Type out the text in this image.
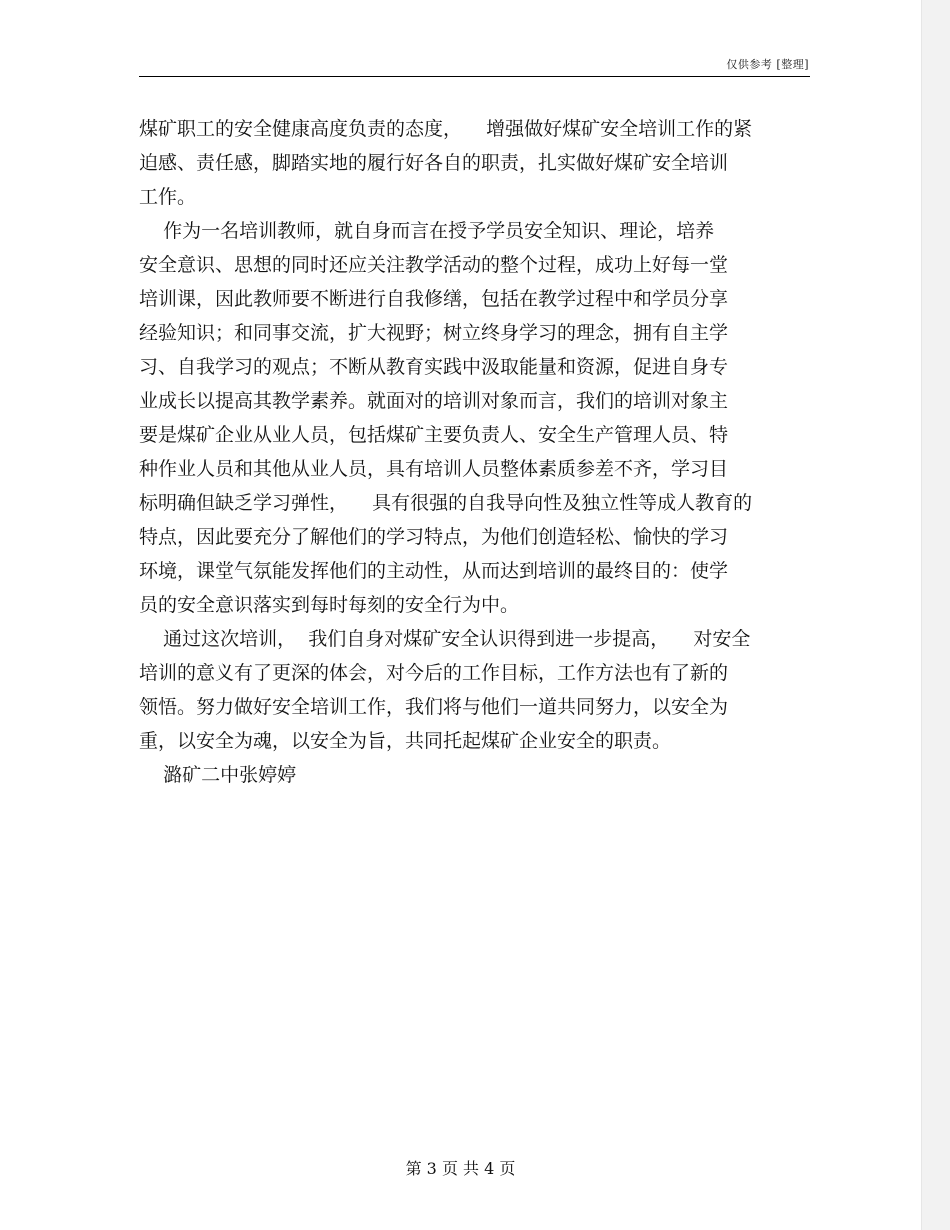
仅供参考 [整理]
煤矿职工的安全健康高度负责的态度，    增强做好煤矿安全培训工作的紧
迫感、责任感，脚踏实地的履行好各自的职责，扎实做好煤矿安全培训
工作。
作为一名培训教师，就自身而言在授予学员安全知识、理论，培养
安全意识、思想的同时还应关注教学活动的整个过程，成功上好每一堂
培训课，因此教师要不断进行自我修缮，包括在教学过程中和学员分享
经验知识；和同事交流，扩大视野；树立终身学习的理念，拥有自主学
习、自我学习的观点；不断从教育实践中汲取能量和资源，促进自身专
业成长以提高其教学素养。就面对的培训对象而言，我们的培训对象主
要是煤矿企业从业人员，包括煤矿主要负责人、安全生产管理人员、特
种作业人员和其他从业人员，具有培训人员整体素质参差不齐，学习目
标明确但缺乏学习弹性，    具有很强的自我导向性及独立性等成人教育的
特点，因此要充分了解他们的学习特点，为他们创造轻松、愉快的学习
环境，课堂气氛能发挥他们的主动性，从而达到培训的最终目的：使学
员的安全意识落实到每时每刻的安全行为中。
通过这次培训，  我们自身对煤矿安全认识得到进一步提高，    对安全
培训的意义有了更深的体会，对今后的工作目标，工作方法也有了新的
领悟。努力做好安全培训工作，我们将与他们一道共同努力，以安全为
重，以安全为魂，以安全为旨，共同托起煤矿企业安全的职责。
潞矿二中张婷婷
第 3 页 共 4 页
